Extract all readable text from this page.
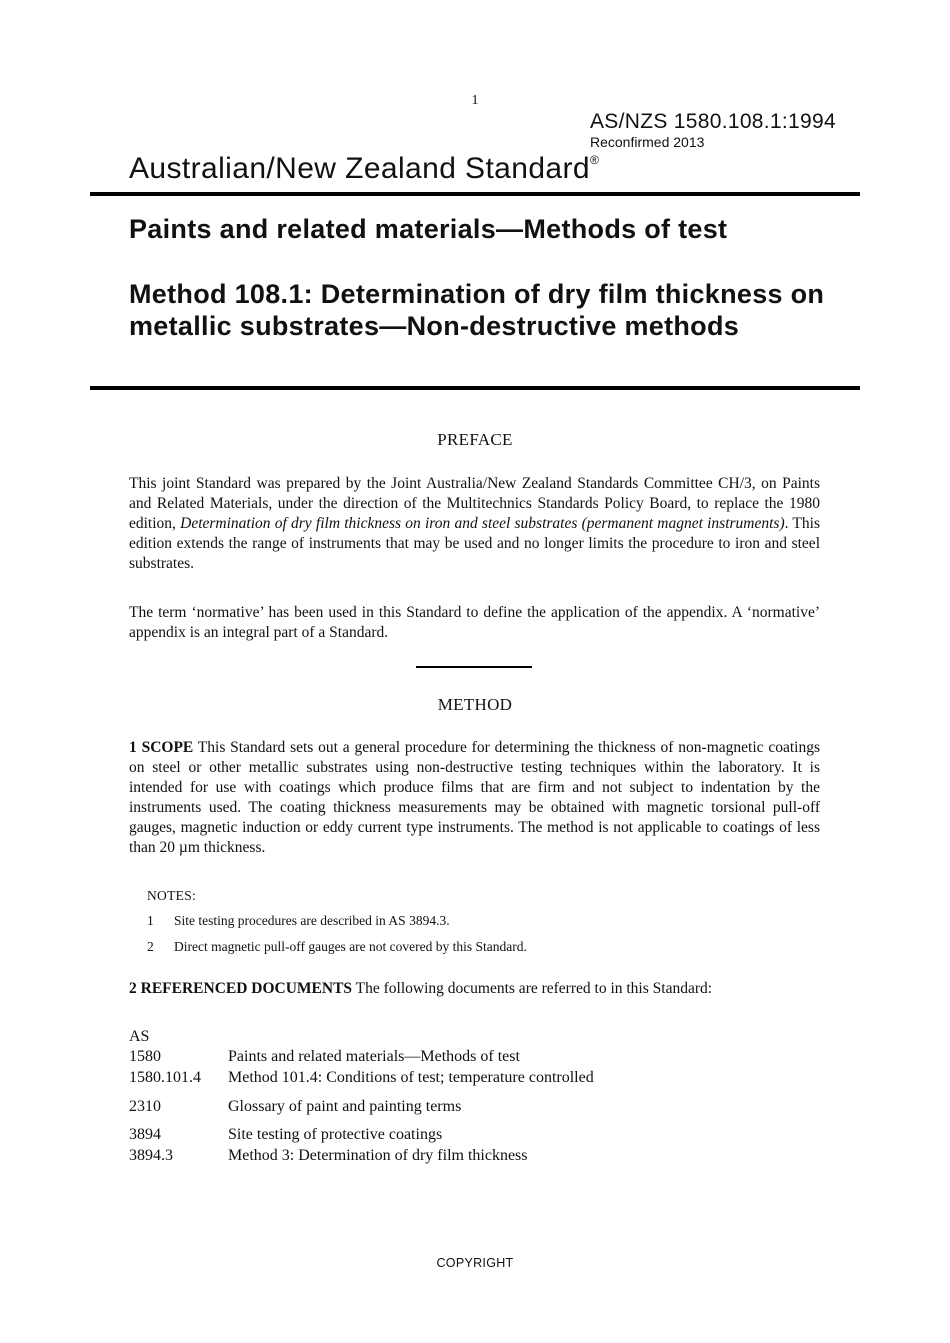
1
AS/NZS 1580.108.1:1994
Reconfirmed 2013
Australian/New Zealand Standard®
Paints and related materials—Methods of test
Method 108.1: Determination of dry film thickness on metallic substrates—Non-destructive methods
PREFACE
This joint Standard was prepared by the Joint Australia/New Zealand Standards Committee CH/3, on Paints and Related Materials, under the direction of the Multitechnics Standards Policy Board, to replace the 1980 edition, Determination of dry film thickness on iron and steel substrates (permanent magnet instruments). This edition extends the range of instruments that may be used and no longer limits the procedure to iron and steel substrates.
The term ‘normative’ has been used in this Standard to define the application of the appendix. A ‘normative’ appendix is an integral part of a Standard.
METHOD
1 SCOPE This Standard sets out a general procedure for determining the thickness of non-magnetic coatings on steel or other metallic substrates using non-destructive testing techniques within the laboratory. It is intended for use with coatings which produce films that are firm and not subject to indentation by the instruments used. The coating thickness measurements may be obtained with magnetic torsional pull-off gauges, magnetic induction or eddy current type instruments. The method is not applicable to coatings of less than 20 µm thickness.
NOTES:
1 Site testing procedures are described in AS 3894.3.
2 Direct magnetic pull-off gauges are not covered by this Standard.
2 REFERENCED DOCUMENTS The following documents are referred to in this Standard:
AS
1580	Paints and related materials—Methods of test
1580.101.4 Method 101.4: Conditions of test; temperature controlled
2310	Glossary of paint and painting terms
3894	Site testing of protective coatings
3894.3	Method 3: Determination of dry film thickness
COPYRIGHT
